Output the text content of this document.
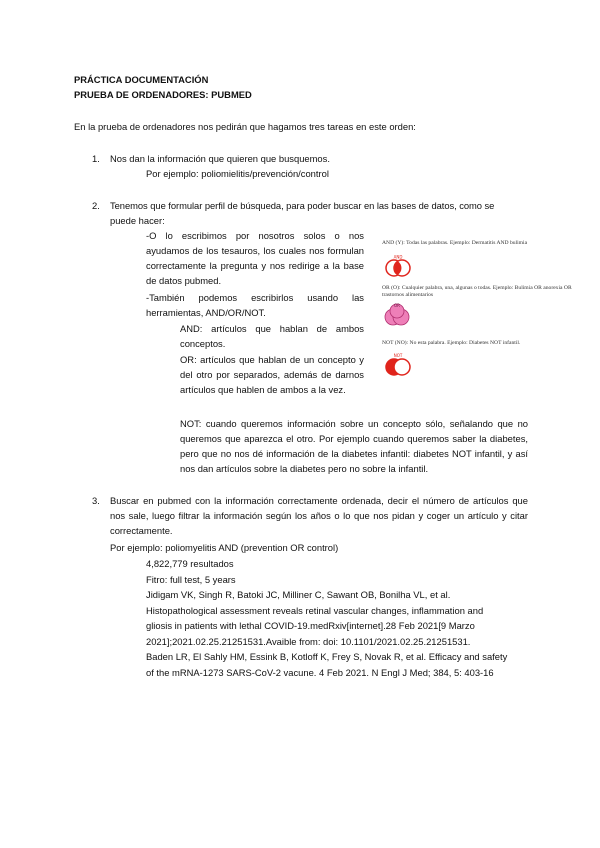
PRÁCTICA DOCUMENTACIÓN
PRUEBA DE ORDENADORES: PUBMED
En la prueba de ordenadores nos pedirán que hagamos tres tareas en este orden:
1. Nos dan la información que quieren que busquemos.
Por ejemplo: poliomielitis/prevención/control
2. Tenemos que formular perfil de búsqueda, para poder buscar en las bases de datos, como se
puede hacer:
-O lo escribimos por nosotros solos o nos ayudamos de los tesauros, los cuales nos formulan correctamente la pregunta y nos redirige a la base de datos pubmed.
-También podemos escribirlos usando las herramientas, AND/OR/NOT.
AND: artículos que hablan de ambos conceptos.
OR: artículos que hablan de un concepto y del otro por separados, además de darnos artículos que hablen de ambos a la vez.
NOT: cuando queremos información sobre un concepto sólo, señalando que no queremos que aparezca el otro. Por ejemplo cuando queremos saber la diabetes, pero que no nos dé información de la diabetes infantil: diabetes NOT infantil, y así nos dan artículos sobre la diabetes pero no sobre la infantil.
AND (Y): Todas las palabras. Ejemplo: Dermatitis AND bulimia
AND
OR (O): Cualquier palabra, una, algunas o todas. Ejemplo: Bulimia OR anorexia OR trastornos alimentarios
OR
NOT (NO): No esta palabra. Ejemplo: Diabetes NOT infantil.
NOT
3. Buscar en pubmed con la información correctamente ordenada, decir el número de artículos que nos sale, luego filtrar la información según los años o lo que nos pidan y coger un artículo y citar correctamente.
Por ejemplo: poliomyelitis AND (prevention OR control)
4,822,779 resultados
Fitro: full test, 5 years
Jidigam VK, Singh R, Batoki JC, Milliner C, Sawant OB, Bonilha VL, et al.
Histopathological assessment reveals retinal vascular changes, inflammation and
gliosis in patients with lethal COVID-19.medRxiv[internet].28 Feb 2021[9 Marzo
2021];2021.02.25.21251531.Avaible from: doi: 10.1101/2021.02.25.21251531.
Baden LR, El Sahly HM, Essink B, Kotloff K, Frey S, Novak R, et al. Efficacy and safety
of the mRNA-1273 SARS-CoV-2 vacune. 4 Feb 2021. N Engl J Med; 384, 5: 403-16
